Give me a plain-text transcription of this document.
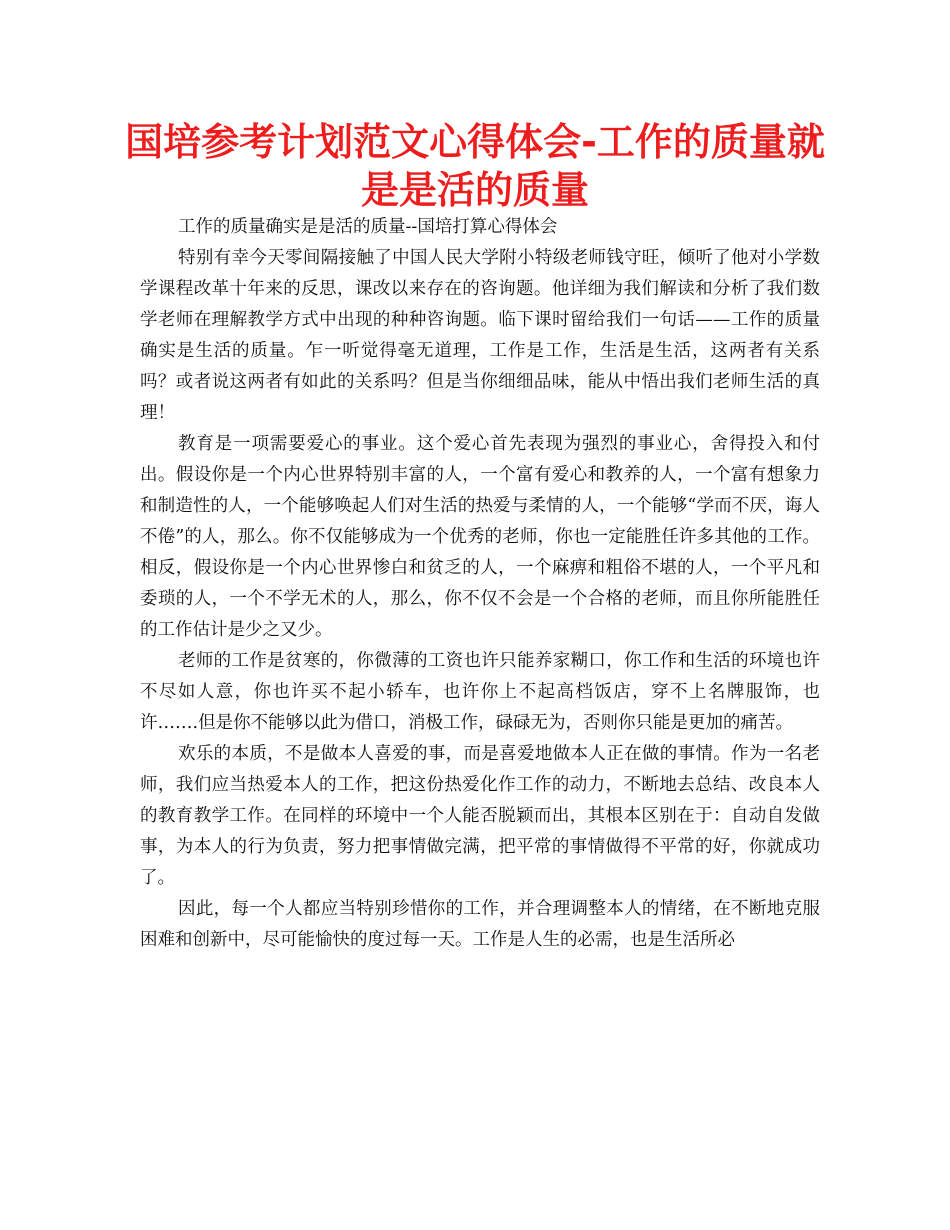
国培参考计划范文心得体会-工作的质量就是是活的质量

工作的质量确实是是活的质量--国培打算心得体会

特别有幸今天零间隔接触了中国人民大学附小特级老师钱守旺，倾听了他对小学数学课程改革十年来的反思，课改以来存在的咨询题。他详细为我们解读和分析了我们数学老师在理解教学方式中出现的种种咨询题。临下课时留给我们一句话——工作的质量确实是生活的质量。乍一听觉得毫无道理，工作是工作，生活是生活，这两者有关系吗？或者说这两者有如此的关系吗？但是当你细细品味，能从中悟出我们老师生活的真理！

教育是一项需要爱心的事业。这个爱心首先表现为强烈的事业心，舍得投入和付出。假设你是一个内心世界特别丰富的人，一个富有爱心和教养的人，一个富有想象力和制造性的人，一个能够唤起人们对生活的热爱与柔情的人，一个能够“学而不厌，诲人不倦”的人，那么。你不仅能够成为一个优秀的老师，你也一定能胜任许多其他的工作。相反，假设你是一个内心世界惨白和贫乏的人，一个麻痹和粗俗不堪的人，一个平凡和委琐的人，一个不学无术的人，那么，你不仅不会是一个合格的老师，而且你所能胜任的工作估计是少之又少。

老师的工作是贫寒的，你微薄的工资也许只能养家糊口，你工作和生活的环境也许不尽如人意，你也许买不起小轿车，也许你上不起高档饭店，穿不上名牌服饰，也许…….但是你不能够以此为借口，消极工作，碌碌无为，否则你只能是更加的痛苦。

欢乐的本质，不是做本人喜爱的事，而是喜爱地做本人正在做的事情。作为一名老师，我们应当热爱本人的工作，把这份热爱化作工作的动力，不断地去总结、改良本人的教育教学工作。在同样的环境中一个人能否脱颖而出，其根本区别在于：自动自发做事，为本人的行为负责，努力把事情做完满，把平常的事情做得不平常的好，你就成功了。

因此，每一个人都应当特别珍惜你的工作，并合理调整本人的情绪，在不断地克服困难和创新中，尽可能愉快的度过每一天。工作是人生的必需，也是生活所必
